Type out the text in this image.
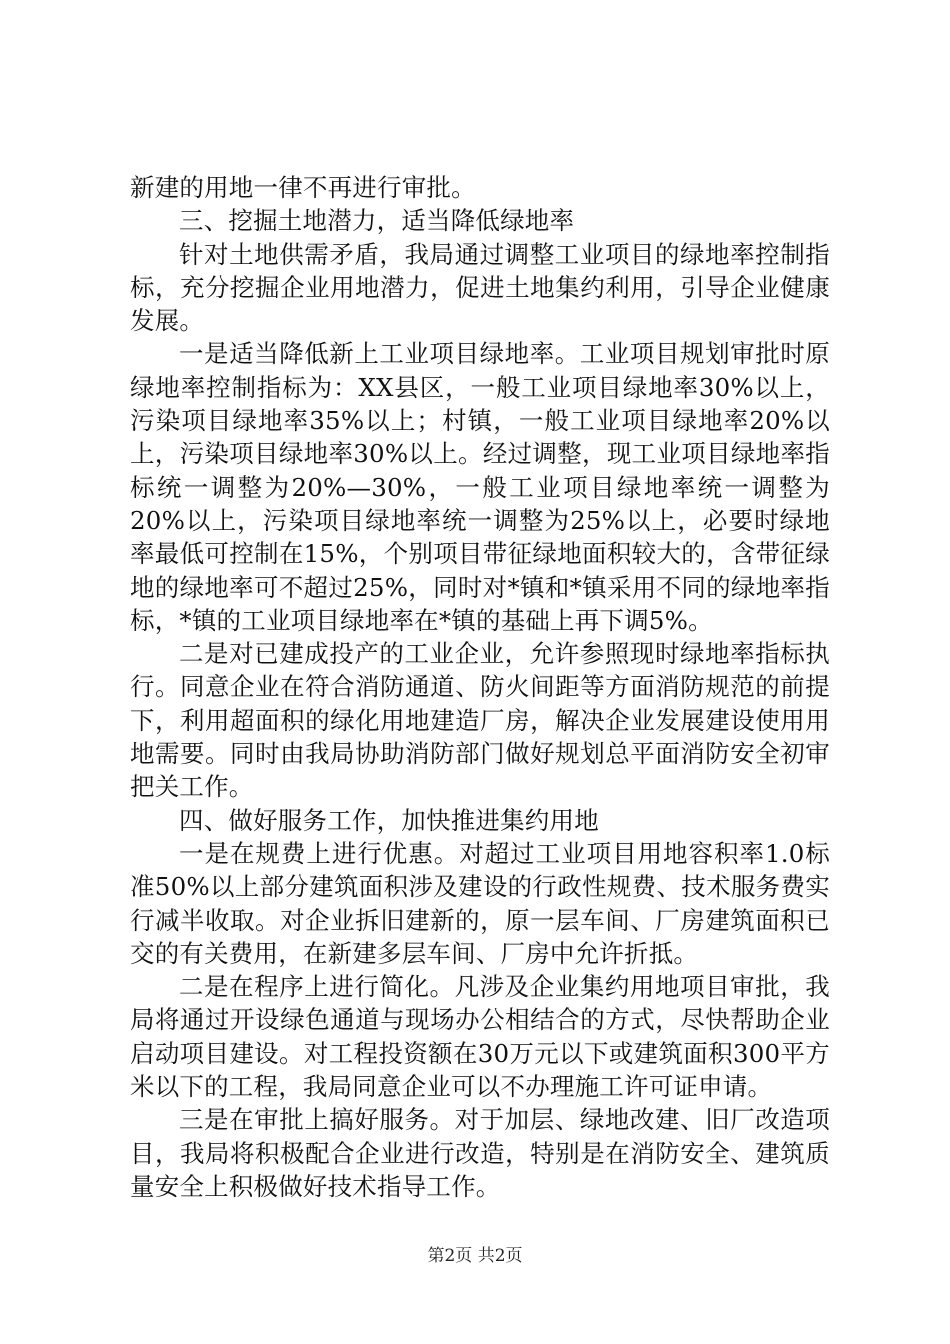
新建的用地一律不再进行审批。

三、挖掘土地潜力，适当降低绿地率

针对土地供需矛盾，我局通过调整工业项目的绿地率控制指标，充分挖掘企业用地潜力，促进土地集约利用，引导企业健康发展。

一是适当降低新上工业项目绿地率。工业项目规划审批时原绿地率控制指标为：XX县区，一般工业项目绿地率30%以上，污染项目绿地率35%以上；村镇，一般工业项目绿地率20%以上，污染项目绿地率30%以上。经过调整，现工业项目绿地率指标统一调整为20%—30%，一般工业项目绿地率统一调整为20%以上，污染项目绿地率统一调整为25%以上，必要时绿地率最低可控制在15%，个别项目带征绿地面积较大的，含带征绿地的绿地率可不超过25%，同时对*镇和*镇采用不同的绿地率指标，*镇的工业项目绿地率在*镇的基础上再下调5%。

二是对已建成投产的工业企业，允许参照现时绿地率指标执行。同意企业在符合消防通道、防火间距等方面消防规范的前提下，利用超面积的绿化用地建造厂房，解决企业发展建设使用用地需要。同时由我局协助消防部门做好规划总平面消防安全初审把关工作。

四、做好服务工作，加快推进集约用地

一是在规费上进行优惠。对超过工业项目用地容积率1.0标准50%以上部分建筑面积涉及建设的行政性规费、技术服务费实行减半收取。对企业拆旧建新的，原一层车间、厂房建筑面积已交的有关费用，在新建多层车间、厂房中允许折抵。

二是在程序上进行简化。凡涉及企业集约用地项目审批，我局将通过开设绿色通道与现场办公相结合的方式，尽快帮助企业启动项目建设。对工程投资额在30万元以下或建筑面积300平方米以下的工程，我局同意企业可以不办理施工许可证申请。

三是在审批上搞好服务。对于加层、绿地改建、旧厂改造项目，我局将积极配合企业进行改造，特别是在消防安全、建筑质量安全上积极做好技术指导工作。

第2页 共2页
